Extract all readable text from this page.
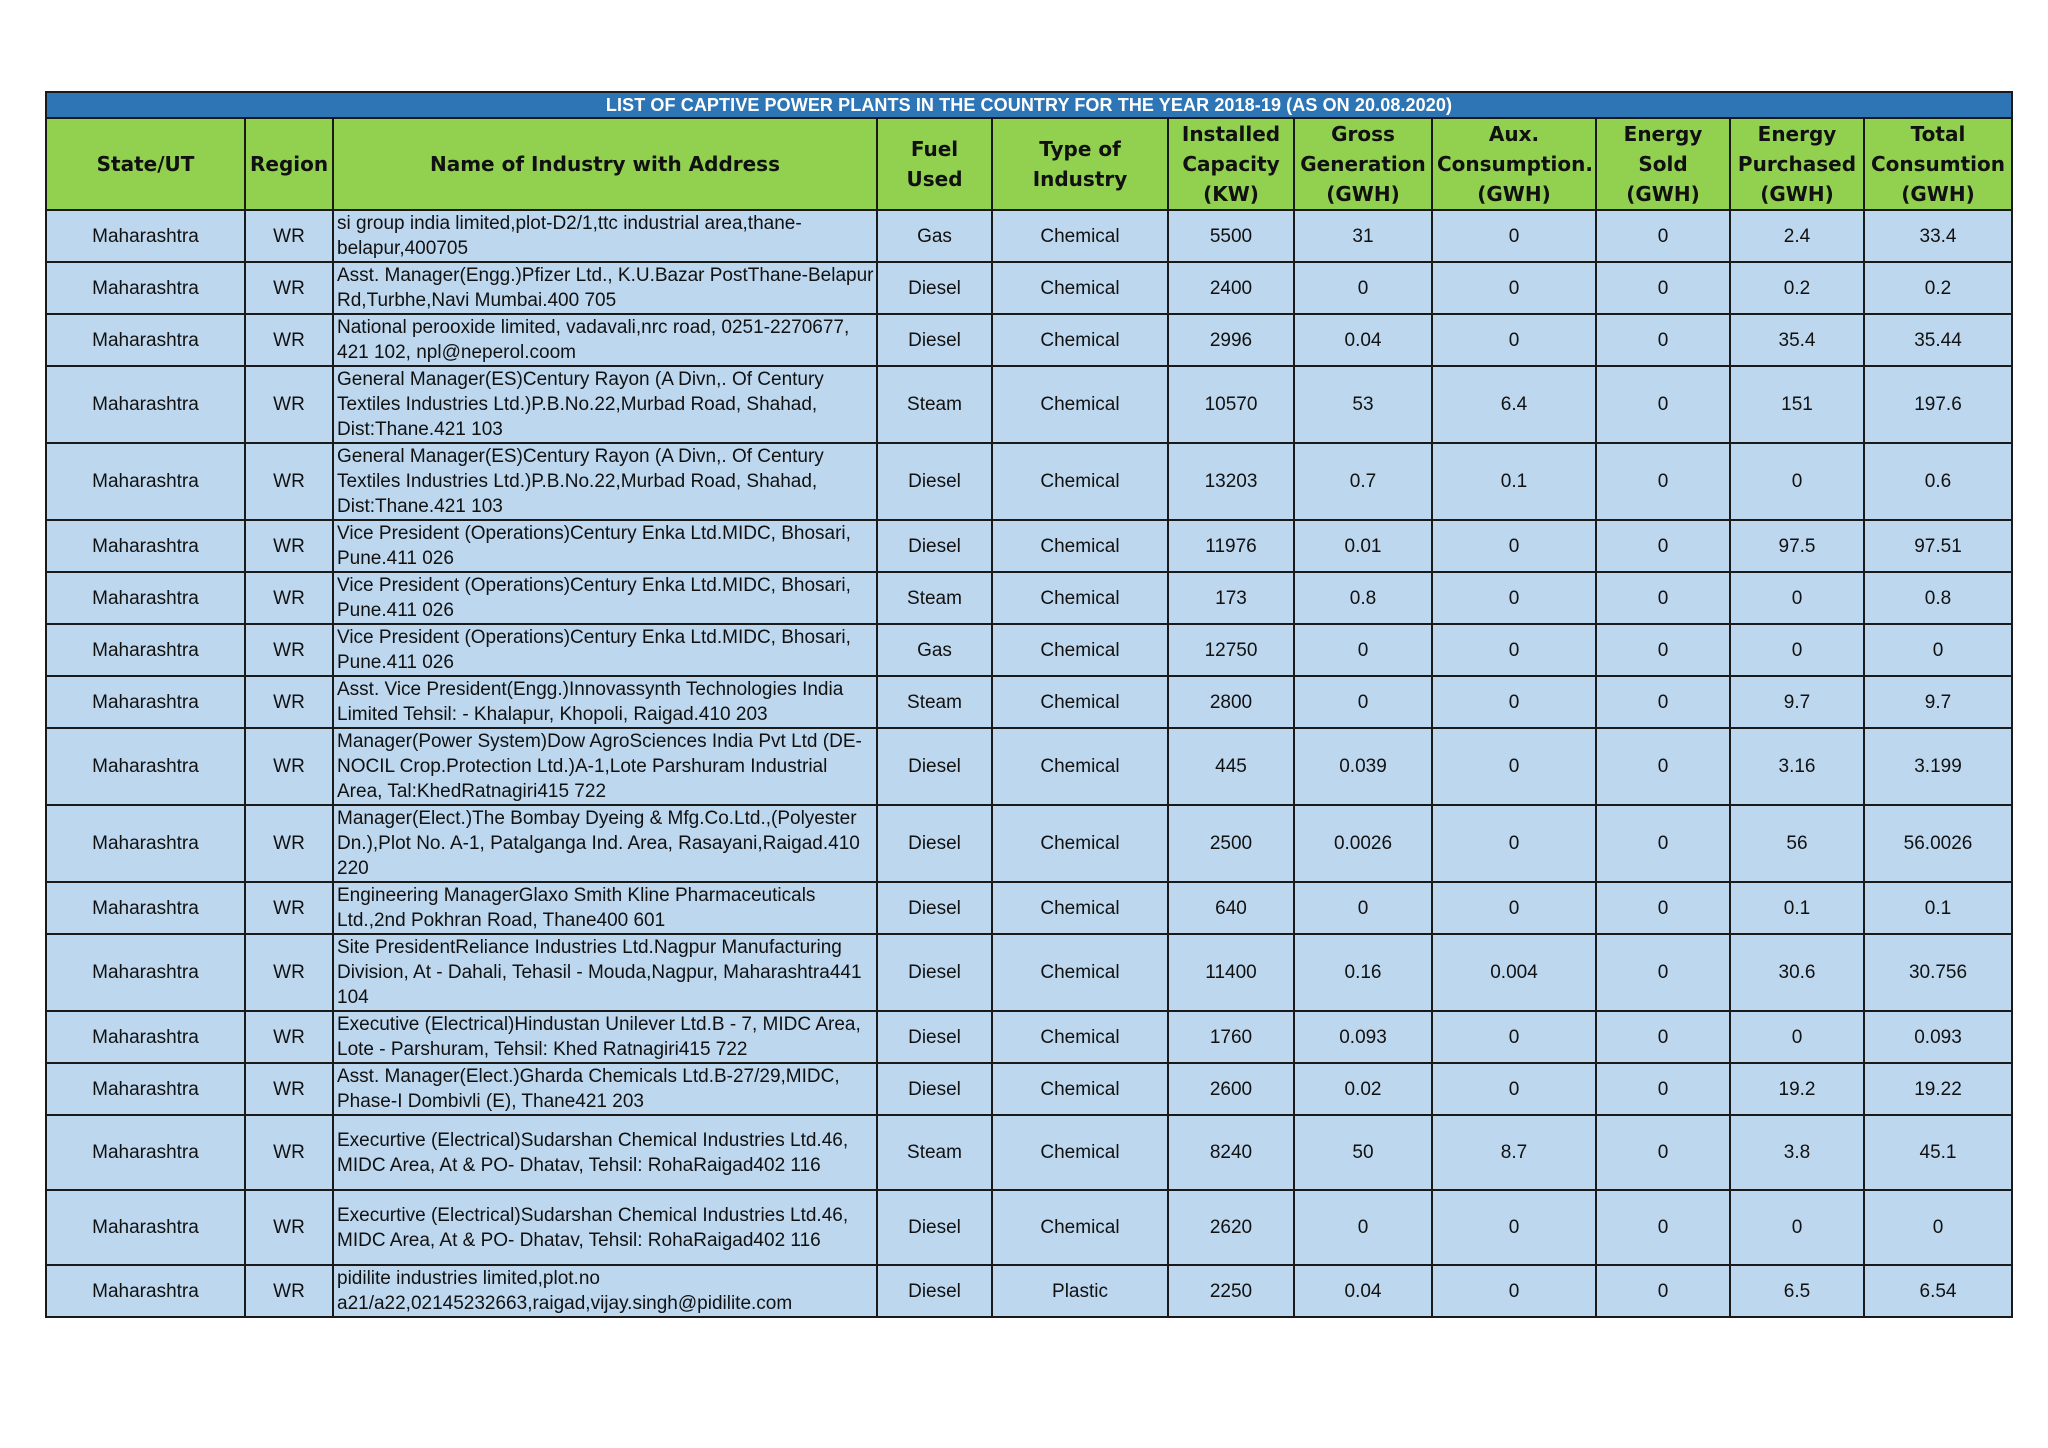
LIST OF CAPTIVE POWER PLANTS IN THE COUNTRY FOR THE YEAR 2018-19 (AS ON 20.08.2020)
State/UT	Region	Name of Industry with Address	Fuel Used	Type of Industry	Installed Capacity (KW)	Gross Generation (GWH)	Aux. Consumption. (GWH)	Energy Sold (GWH)	Energy Purchased (GWH)	Total Consumtion (GWH)
Maharashtra	WR	si group india limited,plot-D2/1,ttc industrial area,thane-belapur,400705	Gas	Chemical	5500	31	0	0	2.4	33.4
Maharashtra	WR	Asst. Manager(Engg.)Pfizer Ltd., K.U.Bazar PostThane-Belapur Rd,Turbhe,Navi Mumbai.400 705	Diesel	Chemical	2400	0	0	0	0.2	0.2
Maharashtra	WR	National perooxide limited, vadavali,nrc road, 0251-2270677, 421 102, npl@neperol.coom	Diesel	Chemical	2996	0.04	0	0	35.4	35.44
Maharashtra	WR	General Manager(ES)Century Rayon (A Divn,. Of Century Textiles Industries Ltd.)P.B.No.22,Murbad Road, Shahad, Dist:Thane.421 103	Steam	Chemical	10570	53	6.4	0	151	197.6
Maharashtra	WR	General Manager(ES)Century Rayon (A Divn,. Of Century Textiles Industries Ltd.)P.B.No.22,Murbad Road, Shahad, Dist:Thane.421 103	Diesel	Chemical	13203	0.7	0.1	0	0	0.6
Maharashtra	WR	Vice President (Operations)Century Enka Ltd.MIDC, Bhosari, Pune.411 026	Diesel	Chemical	11976	0.01	0	0	97.5	97.51
Maharashtra	WR	Vice President (Operations)Century Enka Ltd.MIDC, Bhosari, Pune.411 026	Steam	Chemical	173	0.8	0	0	0	0.8
Maharashtra	WR	Vice President (Operations)Century Enka Ltd.MIDC, Bhosari, Pune.411 026	Gas	Chemical	12750	0	0	0	0	0
Maharashtra	WR	Asst. Vice President(Engg.)Innovassynth Technologies India Limited Tehsil: - Khalapur, Khopoli, Raigad.410 203	Steam	Chemical	2800	0	0	0	9.7	9.7
Maharashtra	WR	Manager(Power System)Dow AgroSciences India Pvt Ltd (DE-NOCIL Crop.Protection Ltd.)A-1,Lote Parshuram Industrial Area, Tal:KhedRatnagiri415 722	Diesel	Chemical	445	0.039	0	0	3.16	3.199
Maharashtra	WR	Manager(Elect.)The Bombay Dyeing & Mfg.Co.Ltd.,(Polyester Dn.),Plot No. A-1, Patalganga Ind. Area, Rasayani,Raigad.410 220	Diesel	Chemical	2500	0.0026	0	0	56	56.0026
Maharashtra	WR	Engineering ManagerGlaxo Smith Kline Pharmaceuticals Ltd.,2nd Pokhran Road, Thane400 601	Diesel	Chemical	640	0	0	0	0.1	0.1
Maharashtra	WR	Site PresidentReliance Industries Ltd.Nagpur Manufacturing Division, At - Dahali, Tehasil - Mouda,Nagpur, Maharashtra441 104	Diesel	Chemical	11400	0.16	0.004	0	30.6	30.756
Maharashtra	WR	Executive (Electrical)Hindustan Unilever Ltd.B - 7, MIDC Area, Lote - Parshuram, Tehsil: Khed Ratnagiri415 722	Diesel	Chemical	1760	0.093	0	0	0	0.093
Maharashtra	WR	Asst. Manager(Elect.)Gharda Chemicals Ltd.B-27/29,MIDC, Phase-I Dombivli (E), Thane421 203	Diesel	Chemical	2600	0.02	0	0	19.2	19.22
Maharashtra	WR	Execurtive (Electrical)Sudarshan Chemical Industries Ltd.46, MIDC Area, At & PO- Dhatav, Tehsil: RohaRaigad402 116	Steam	Chemical	8240	50	8.7	0	3.8	45.1
Maharashtra	WR	Execurtive (Electrical)Sudarshan Chemical Industries Ltd.46, MIDC Area, At & PO- Dhatav, Tehsil: RohaRaigad402 116	Diesel	Chemical	2620	0	0	0	0	0
Maharashtra	WR	pidilite industries limited,plot.no a21/a22,02145232663,raigad,vijay.singh@pidilite.com	Diesel	Plastic	2250	0.04	0	0	6.5	6.54
